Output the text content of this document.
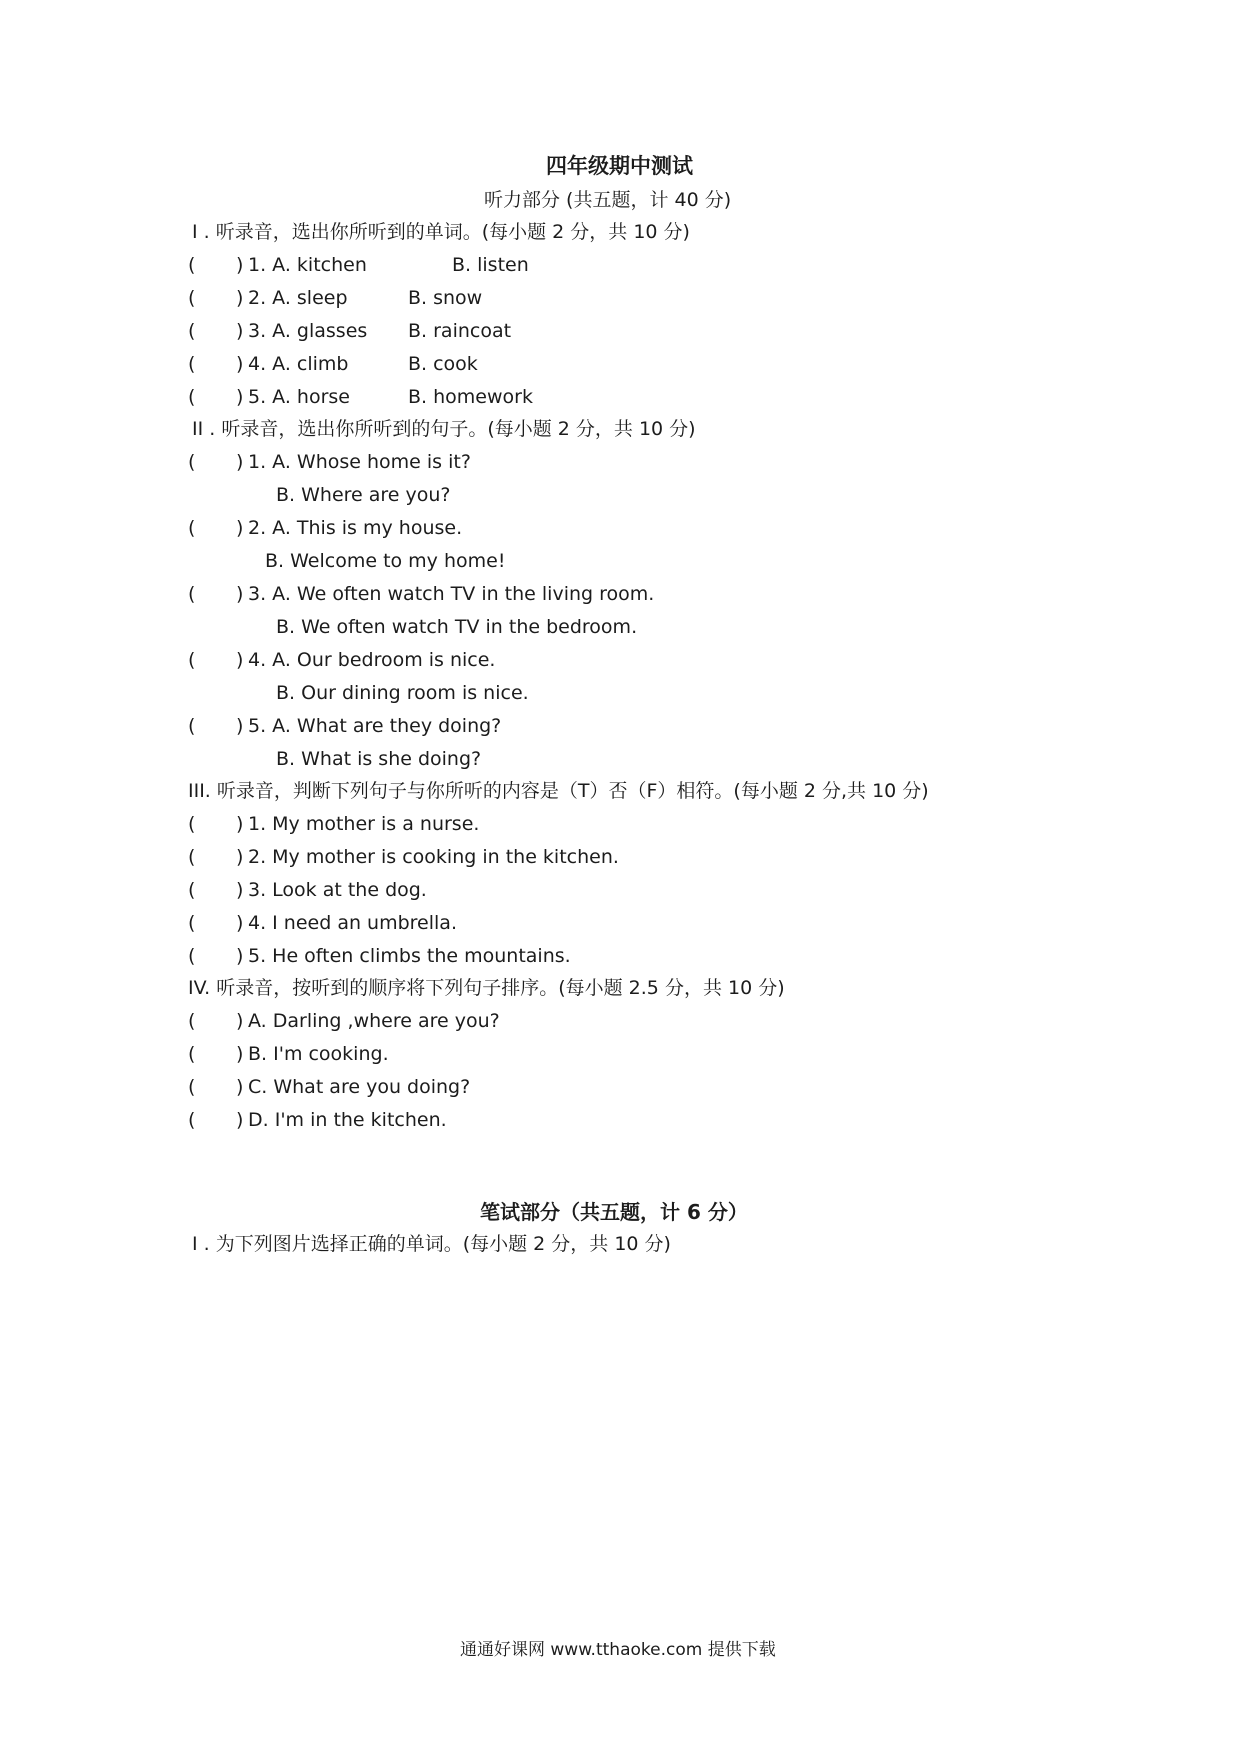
四年级期中测试
听力部分 (共五题，计 40 分)
I . 听录音，选出你所听到的单词。(每小题 2 分，共 10 分)
( ) 1. A. kitchen	B. listen
( ) 2. A. sleep	B. snow
( ) 3. A. glasses B. raincoat
( ) 4. A. climb	B. cook
( ) 5. A. horse	B. homework
II . 听录音，选出你所听到的句子。(每小题 2 分，共 10 分)
( ) 1. A. Whose home is it?
B. Where are you?
( ) 2. A. This is my house.
B. Welcome to my home!
( ) 3. A. We often watch TV in the living room.
B. We often watch TV in the bedroom.
( ) 4. A. Our bedroom is nice.
B. Our dining room is nice.
( ) 5. A. What are they doing?
B. What is she doing?
III. 听录音，判断下列句子与你所听的内容是（T）否（F）相符。(每小题 2 分,共 10 分)
( ) 1. My mother is a nurse.
( ) 2. My mother is cooking in the kitchen.
( ) 3. Look at the dog.
( ) 4. I need an umbrella.
( ) 5. He often climbs the mountains.
IV. 听录音，按听到的顺序将下列句子排序。(每小题 2.5 分，共 10 分)
( ) A. Darling ,where are you?
( ) B. I'm cooking.
( ) C. What are you doing?
( ) D. I'm in the kitchen.
笔试部分（共五题，计 6 分）
I . 为下列图片选择正确的单词。(每小题 2 分，共 10 分)
通通好课网 www.tthaoke.com 提供下载
